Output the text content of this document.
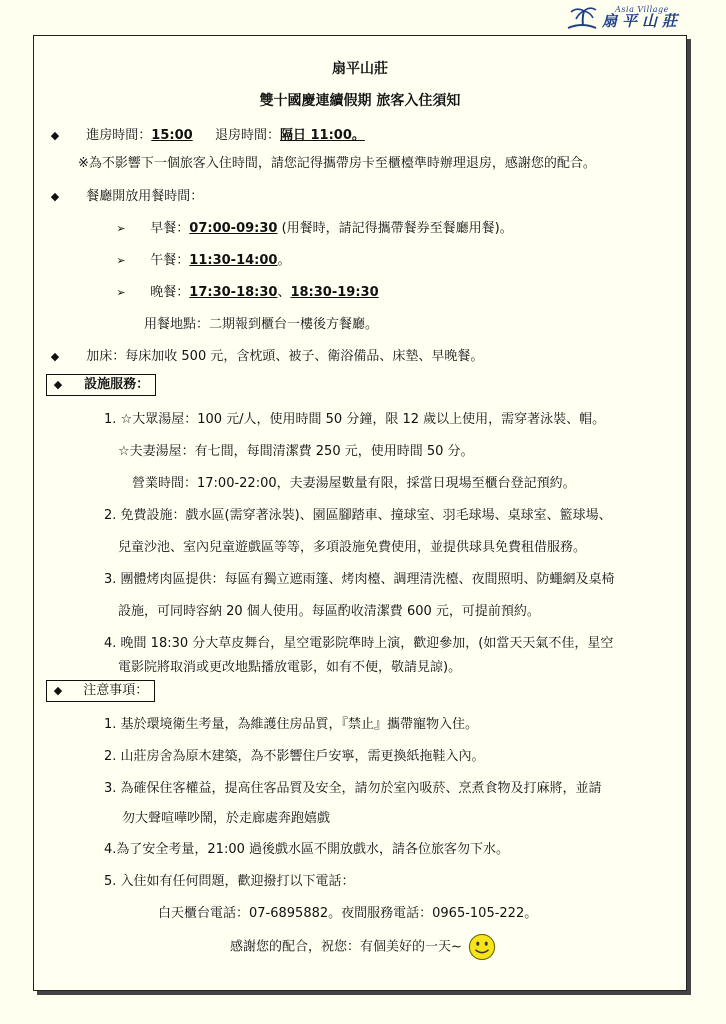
Asia Village
扇平山莊
扇平山莊
雙十國慶連續假期 旅客入住須知
◆ 進房時間：15:00 退房時間：隔日 11:00。
※為不影響下一個旅客入住時間，請您記得攜帶房卡至櫃檯準時辦理退房，感謝您的配合。
◆ 餐廳開放用餐時間：
➢ 早餐：07:00-09:30 (用餐時，請記得攜帶餐券至餐廳用餐)。
➢ 午餐：11:30-14:00。
➢ 晚餐：17:30-18:30、18:30-19:30
用餐地點：二期報到櫃台一樓後方餐廳。
◆ 加床：每床加收 500 元，含枕頭、被子、衛浴備品、床墊、早晚餐。
◆ 設施服務：
1. ☆大眾湯屋：100 元/人，使用時間 50 分鐘，限 12 歲以上使用，需穿著泳裝、帽。
☆夫妻湯屋：有七間，每間清潔費 250 元，使用時間 50 分。
營業時間：17:00-22:00，夫妻湯屋數量有限，採當日現場至櫃台登記預約。
2. 免費設施：戲水區(需穿著泳裝)、園區腳踏車、撞球室、羽毛球場、桌球室、籃球場、
兒童沙池、室內兒童遊戲區等等，多項設施免費使用，並提供球具免費租借服務。
3. 團體烤肉區提供：每區有獨立遮雨篷、烤肉檯、調理清洗檯、夜間照明、防蠅網及桌椅
設施，可同時容納 20 個人使用。每區酌收清潔費 600 元，可提前預約。
4. 晚間 18:30 分大草皮舞台，星空電影院準時上演，歡迎參加，(如當天天氣不佳，星空
電影院將取消或更改地點播放電影，如有不便，敬請見諒)。
◆ 注意事項：
1. 基於環境衛生考量，為維護住房品質，『禁止』攜帶寵物入住。
2. 山莊房舍為原木建築，為不影響住戶安寧，需更換紙拖鞋入內。
3. 為確保住客權益，提高住客品質及安全，請勿於室內吸菸、烹煮食物及打麻將，並請
勿大聲喧嘩吵鬧，於走廊處奔跑嬉戲
4.為了安全考量，21:00 過後戲水區不開放戲水，請各位旅客勿下水。
5. 入住如有任何問題，歡迎撥打以下電話：
白天櫃台電話：07-6895882。夜間服務電話：0965-105-222。
感謝您的配合，祝您：有個美好的一天~
